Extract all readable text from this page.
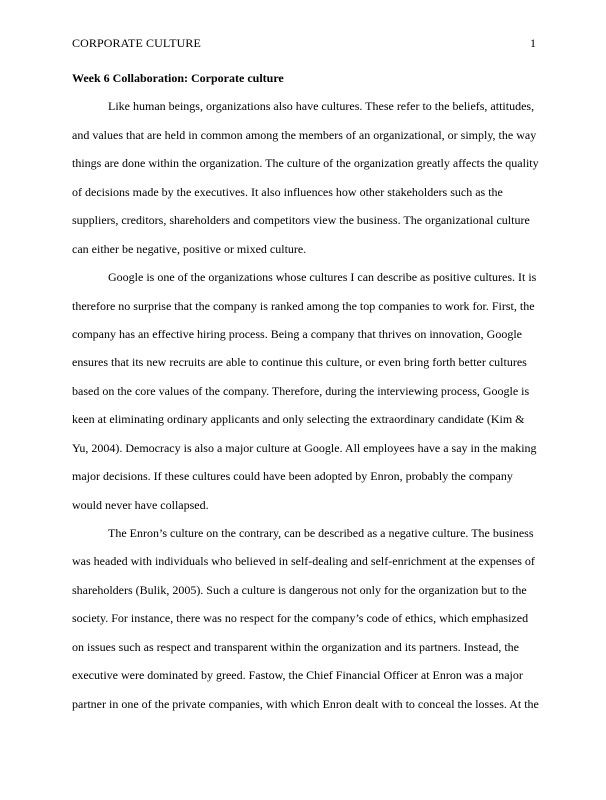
CORPORATE CULTURE	1
Week 6 Collaboration: Corporate culture
Like human beings, organizations also have cultures. These refer to the beliefs, attitudes,
and values that are held in common among the members of an organizational, or simply, the way
things are done within the organization. The culture of the organization greatly affects the quality
of decisions made by the executives. It also influences how other stakeholders such as the
suppliers, creditors, shareholders and competitors view the business. The organizational culture
can either be negative, positive or mixed culture.
Google is one of the organizations whose cultures I can describe as positive cultures. It is
therefore no surprise that the company is ranked among the top companies to work for. First, the
company has an effective hiring process. Being a company that thrives on innovation, Google
ensures that its new recruits are able to continue this culture, or even bring forth better cultures
based on the core values of the company. Therefore, during the interviewing process, Google is
keen at eliminating ordinary applicants and only selecting the extraordinary candidate (Kim &
Yu, 2004). Democracy is also a major culture at Google. All employees have a say in the making
major decisions. If these cultures could have been adopted by Enron, probably the company
would never have collapsed.
The Enron’s culture on the contrary, can be described as a negative culture. The business
was headed with individuals who believed in self-dealing and self-enrichment at the expenses of
shareholders (Bulik, 2005). Such a culture is dangerous not only for the organization but to the
society. For instance, there was no respect for the company’s code of ethics, which emphasized
on issues such as respect and transparent within the organization and its partners. Instead, the
executive were dominated by greed. Fastow, the Chief Financial Officer at Enron was a major
partner in one of the private companies, with which Enron dealt with to conceal the losses. At the
